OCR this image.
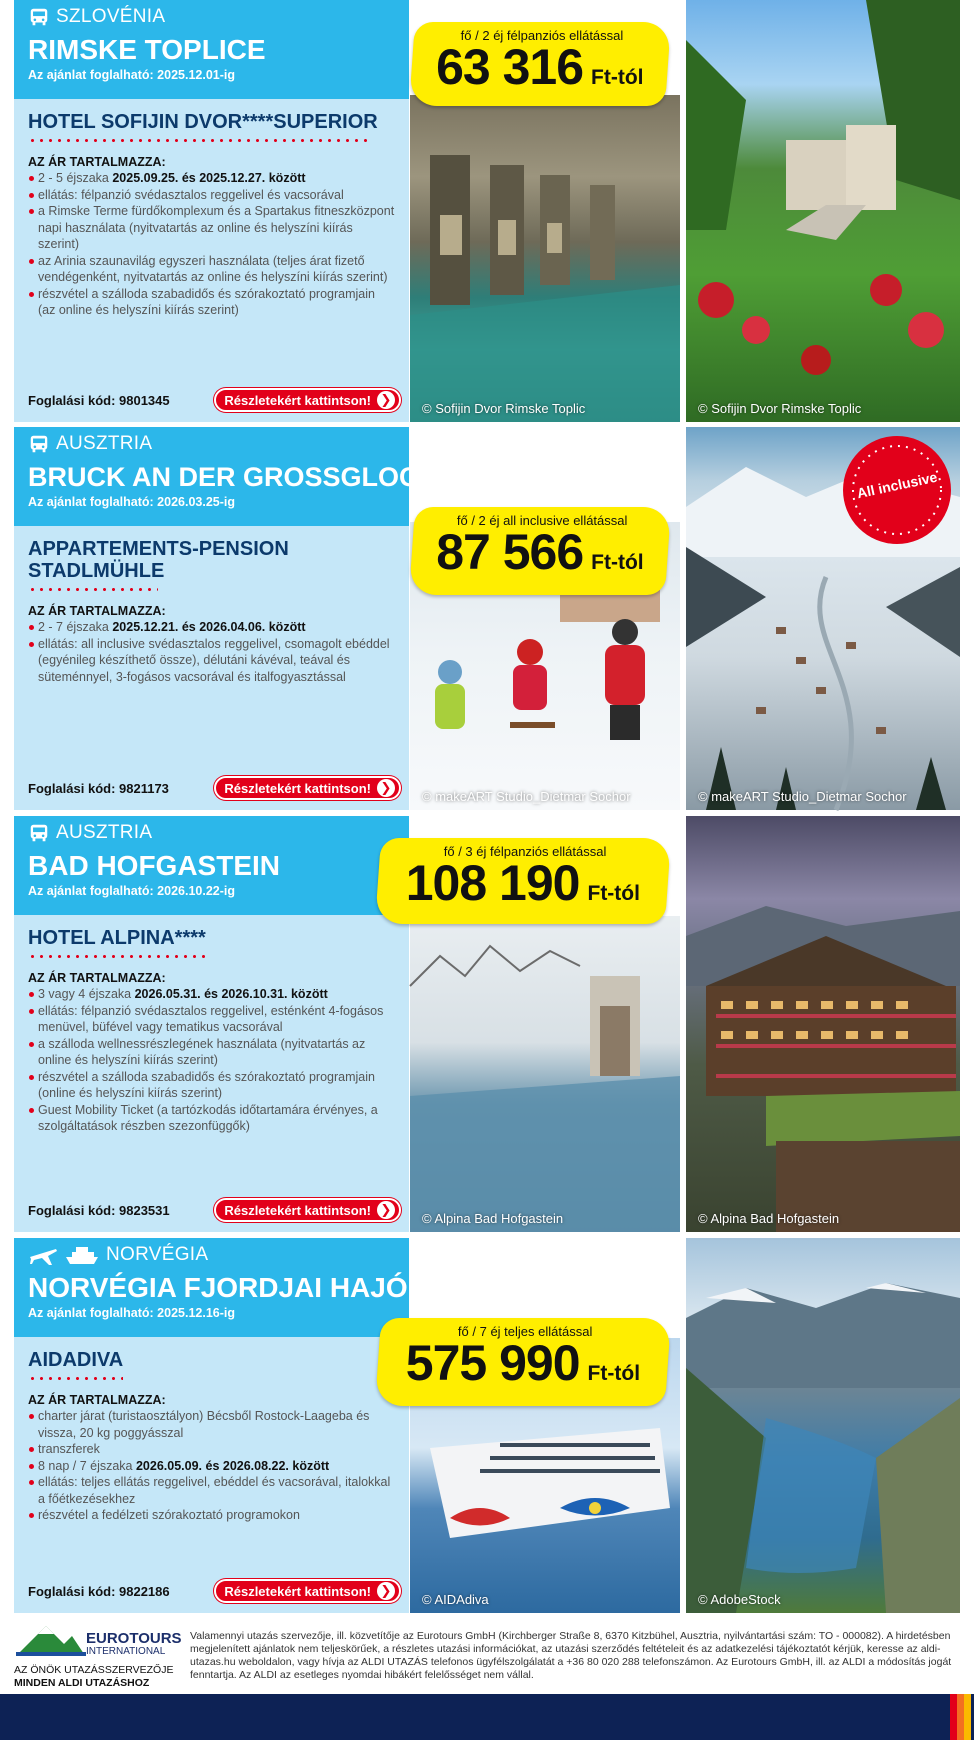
SZLOVÉNIA
RIMSKE TOPLICE
Az ajánlat foglalható: 2025.12.01-ig
HOTEL SOFIJIN DVOR****SUPERIOR
AZ ÁR TARTALMAZZA:
2 - 5 éjszaka 2025.09.25. és 2025.12.27. között
ellátás: félpanzió svédasztalos reggelivel és vacsorával
a Rimske Terme fürdőkomplexum és a Spartakus fitneszközpont napi használata (nyitvatartás az online és helyszíni kiírás szerint)
az Arinia szaunavilág egyszeri használata (teljes árat fizető vendégenként, nyitvatartás az online és helyszíni kiírás szerint)
részvétel a szálloda szabadidős és szórakoztató programjain (az online és helyszíni kiírás szerint)
Foglalási kód: 9801345	Részletekért kattintson! ❯
© Sofijin Dvor Rimske Toplic	© Sofijin Dvor Rimske Toplic
fő / 2 éj félpanziós ellátással
63 316 Ft-tól
AUSZTRIA
BRUCK AN DER GROSSGLOCKNERSTRASSE
Az ajánlat foglalható: 2026.03.25-ig
APPARTEMENTS-PENSION
STADLMÜHLE
AZ ÁR TARTALMAZZA:
2 - 7 éjszaka 2025.12.21. és 2026.04.06. között
ellátás: all inclusive svédasztalos reggelivel, csomagolt ebéddel (egyénileg készíthető össze), délutáni kávéval, teával és süteménnyel, 3-fogásos vacsorával és italfogyasztással
Foglalási kód: 9821173	Részletekért kattintson! ❯
© makeART Studio_Dietmar Sochor	© makeART Studio_Dietmar Sochor
All inclusive
fő / 2 éj all inclusive ellátással
87 566 Ft-tól
AUSZTRIA
BAD HOFGASTEIN
Az ajánlat foglalható: 2026.10.22-ig
HOTEL ALPINA****
AZ ÁR TARTALMAZZA:
3 vagy 4 éjszaka 2026.05.31. és 2026.10.31. között
ellátás: félpanzió svédasztalos reggelivel, esténként 4-fogásos menüvel, büfével vagy tematikus vacsorával
a szálloda wellnessrészlegének használata (nyitvatartás az online és helyszíni kiírás szerint)
részvétel a szálloda szabadidős és szórakoztató programjain (online és helyszíni kiírás szerint)
Guest Mobility Ticket (a tartózkodás időtartamára érvényes, a szolgáltatások részben szezonfüggők)
Foglalási kód: 9823531	Részletekért kattintson! ❯
© Alpina Bad Hofgastein	© Alpina Bad Hofgastein
fő / 3 éj félpanziós ellátással
108 190 Ft-tól
NORVÉGIA
NORVÉGIA FJORDJAI HAJÓÚT
Az ajánlat foglalható: 2025.12.16-ig
AIDADIVA
AZ ÁR TARTALMAZZA:
charter járat (turistaosztályon) Bécsből Rostock-Laageba és vissza, 20 kg poggyásszal
transzferek
8 nap / 7 éjszaka 2026.05.09. és 2026.08.22. között
ellátás: teljes ellátás reggelivel, ebéddel és vacsorával, italokkal a főétkezésekhez
részvétel a fedélzeti szórakoztató programokon
Foglalási kód: 9822186	Részletekért kattintson! ❯
© AIDAdiva	© AdobeStock
fő / 7 éj teljes ellátással
575 990 Ft-tól
EUROTOURS
INTERNATIONAL
AZ ÖNÖK UTAZÁSSZERVEZŐJE
MINDEN ALDI UTAZÁSHOZ
Valamennyi utazás szervezője, ill. közvetítője az Eurotours GmbH (Kirchberger Straße 8, 6370 Kitzbühel, Ausztria, nyilvántartási szám: TO - 000082). A hirdetésben megjelenített ajánlatok nem teljeskörűek, a részletes utazási információkat, az utazási szerződés feltételeit és az adatkezelési tájékoztatót kérjük, keresse az aldi-utazas.hu weboldalon, vagy hívja az ALDI UTAZÁS telefonos ügyfélszolgálatát a +36 80 020 288 telefonszámon. Az Eurotours GmbH, ill. az ALDI a módosítás jogát fenntartja. Az ALDI az esetleges nyomdai hibákért felelősséget nem vállal.
